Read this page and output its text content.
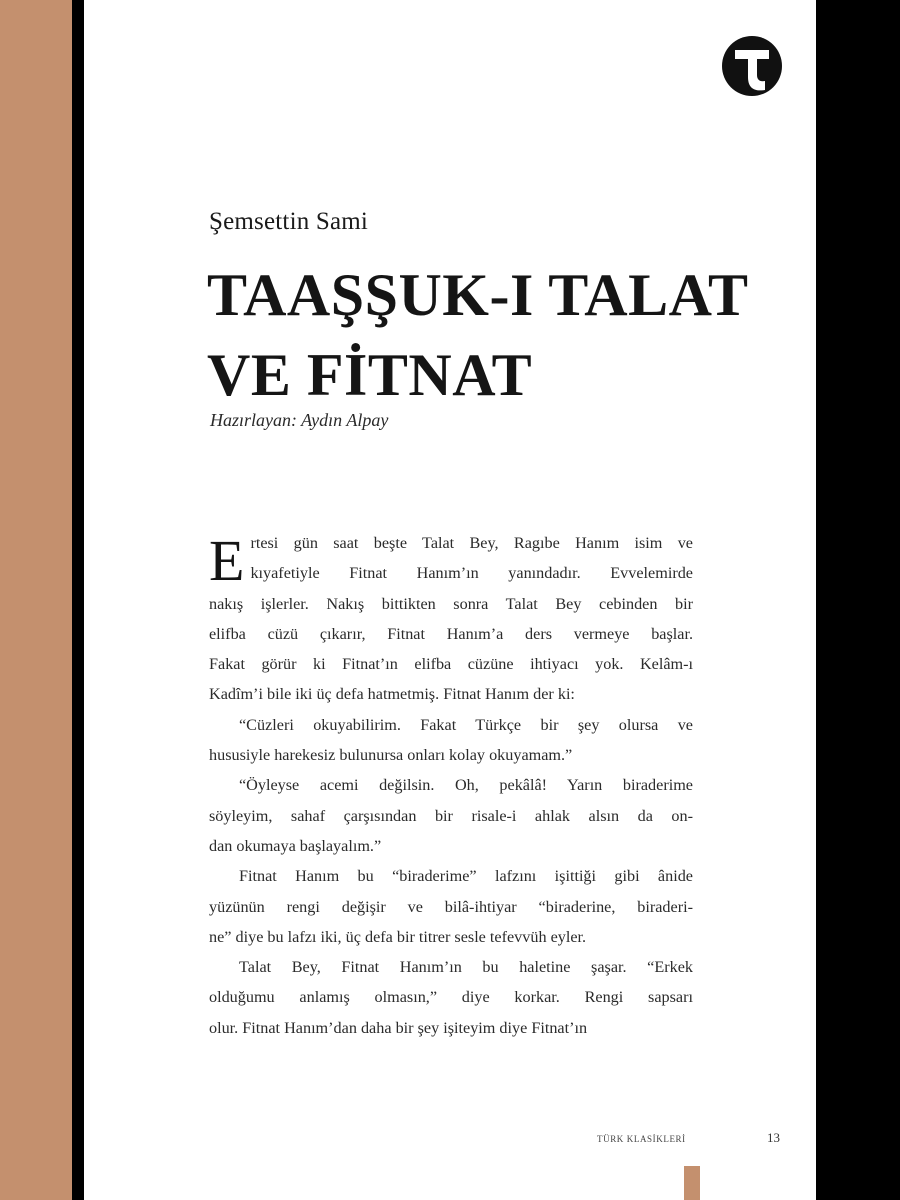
Şemsettin Sami
TAAŞŞUK-I TALAT
VE FİTNAT
Hazırlayan: Aydın Alpay

Ertesi gün saat beşte Talat Bey, Ragıbe Hanım isim ve

kıyafetiyle Fitnat Hanım’ın yanındadır. Evvelemirde

nakış işlerler. Nakış bittikten sonra Talat Bey cebinden bir

elifba cüzü çıkarır, Fitnat Hanım’a ders vermeye başlar.

Fakat görür ki Fitnat’ın elifba cüzüne ihtiyacı yok. Kelâm-ı

Kadîm’i bile iki üç defa hatmetmiş. Fitnat Hanım der ki:

“Cüzleri okuyabilirim. Fakat Türkçe bir şey olursa ve

hususiyle harekesiz bulunursa onları kolay okuyamam.”

“Öyleyse acemi değilsin. Oh, pekâlâ! Yarın biraderime

söyleyim, sahaf çarşısından bir risale-i ahlak alsın da on-

dan okumaya başlayalım.”

Fitnat Hanım bu “biraderime” lafzını işittiği gibi ânide

yüzünün rengi değişir ve bilâ-ihtiyar “biraderine, biraderi-

ne” diye bu lafzı iki, üç defa bir titrer sesle tefevvüh eyler.

Talat Bey, Fitnat Hanım’ın bu haletine şaşar. “Erkek

olduğumu anlamış olmasın,” diye korkar. Rengi sapsarı

olur. Fitnat Hanım’dan daha bir şey işiteyim diye Fitnat’ın

TÜRK KLASİKLERİ	13
